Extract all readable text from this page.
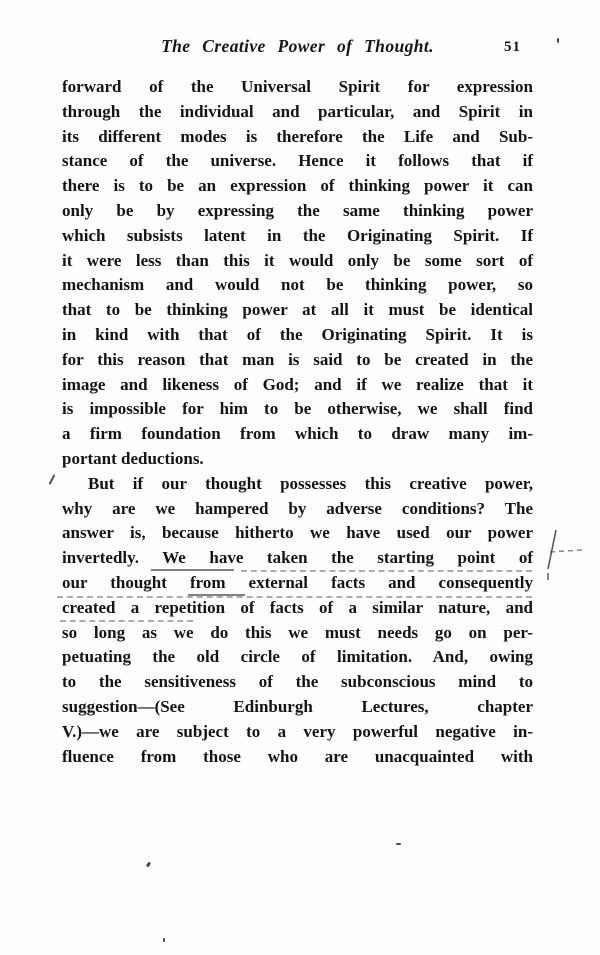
The Creative Power of Thought.	51
forward of the Universal Spirit for expression
through the individual and particular, and Spirit in
its different modes is therefore the Life and Sub-
stance of the universe. Hence it follows that if
there is to be an expression of thinking power it can
only be by expressing the same thinking power
which subsists latent in the Originating Spirit. If
it were less than this it would only be some sort of
mechanism and would not be thinking power, so
that to be thinking power at all it must be identical
in kind with that of the Originating Spirit. It is
for this reason that man is said to be created in the
image and likeness of God; and if we realize that it
is impossible for him to be otherwise, we shall find
a firm foundation from which to draw many im-
portant deductions.
But if our thought possesses this creative power,
why are we hampered by adverse conditions? The
answer is, because hitherto we have used our power
invertedly. We have taken the starting point of
our thought from external facts and consequently
created a repetition of facts of a similar nature, and
so long as we do this we must needs go on per-
petuating the old circle of limitation. And, owing
to the sensitiveness of the subconscious mind to
suggestion—(See Edinburgh Lectures, chapter
V.)—we are subject to a very powerful negative in-
fluence from those who are unacquainted with
